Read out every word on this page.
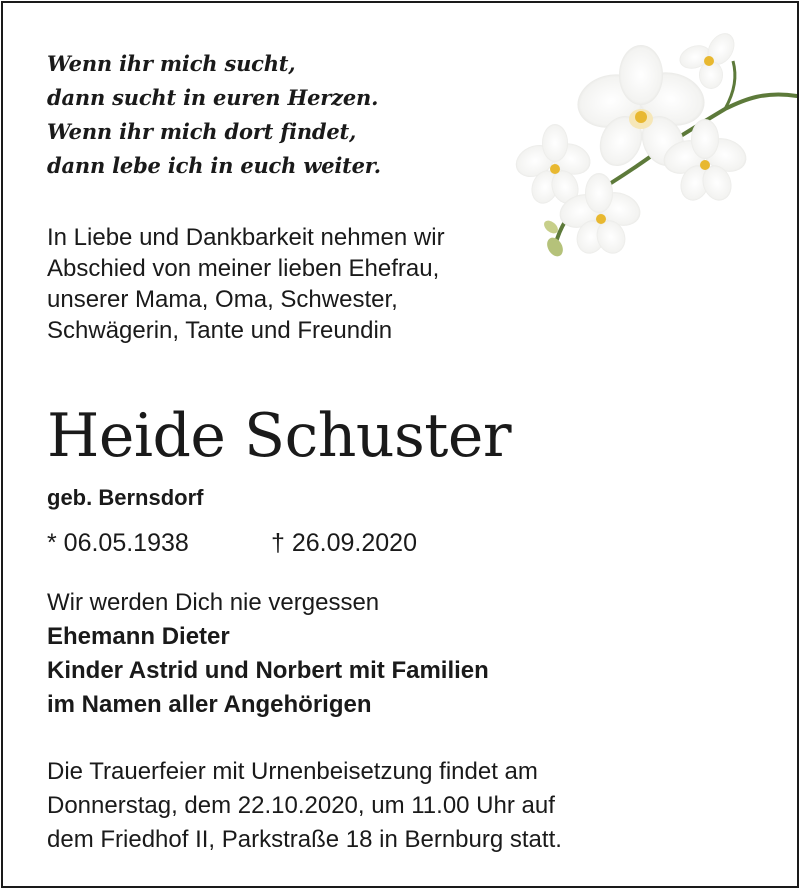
Wenn ihr mich sucht,
dann sucht in euren Herzen.
Wenn ihr mich dort findet,
dann lebe ich in euch weiter.
In Liebe und Dankbarkeit nehmen wir
Abschied von meiner lieben Ehefrau,
unserer Mama, Oma, Schwester,
Schwägerin, Tante und Freundin
Heide Schuster
geb. Bernsdorf
* 06.05.1938	† 26.09.2020
Wir werden Dich nie vergessen
Ehemann Dieter
Kinder Astrid und Norbert mit Familien
im Namen aller Angehörigen
Die Trauerfeier mit Urnenbeisetzung findet am
Donnerstag, dem 22.10.2020, um 11.00 Uhr auf
dem Friedhof II, Parkstraße 18 in Bernburg statt.
